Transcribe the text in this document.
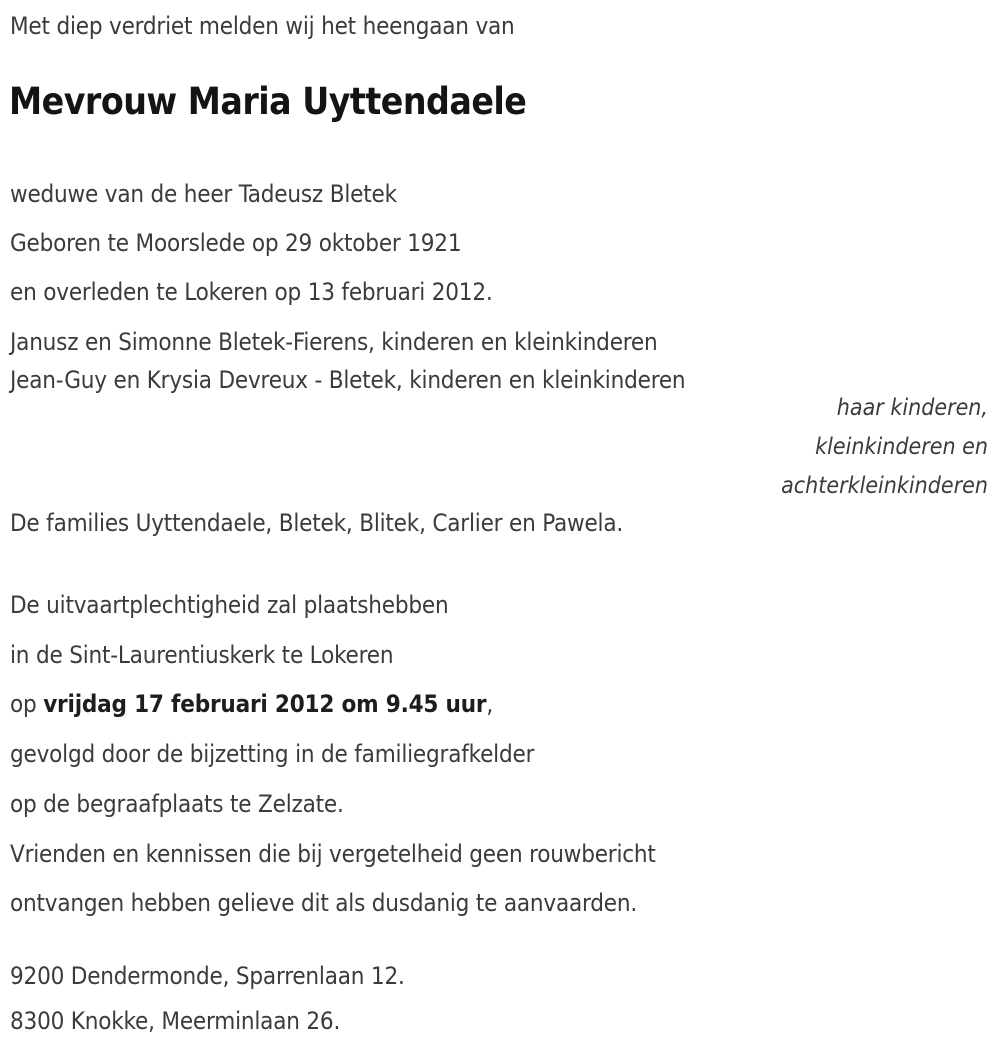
Met diep verdriet melden wij het heengaan van
Mevrouw Maria Uyttendaele
weduwe van de heer Tadeusz Bletek
Geboren te Moorslede op 29 oktober 1921
en overleden te Lokeren op 13 februari 2012.
Janusz en Simonne Bletek-Fierens, kinderen en kleinkinderen
Jean-Guy en Krysia Devreux - Bletek, kinderen en kleinkinderen
haar kinderen,
kleinkinderen en
achterkleinkinderen
De families Uyttendaele, Bletek, Blitek, Carlier en Pawela.
De uitvaartplechtigheid zal plaatshebben
in de Sint-Laurentiuskerk te Lokeren
op vrijdag 17 februari 2012 om 9.45 uur,
gevolgd door de bijzetting in de familiegrafkelder
op de begraafplaats te Zelzate.
Vrienden en kennissen die bij vergetelheid geen rouwbericht
ontvangen hebben gelieve dit als dusdanig te aanvaarden.
9200 Dendermonde, Sparrenlaan 12.
8300 Knokke, Meerminlaan 26.
